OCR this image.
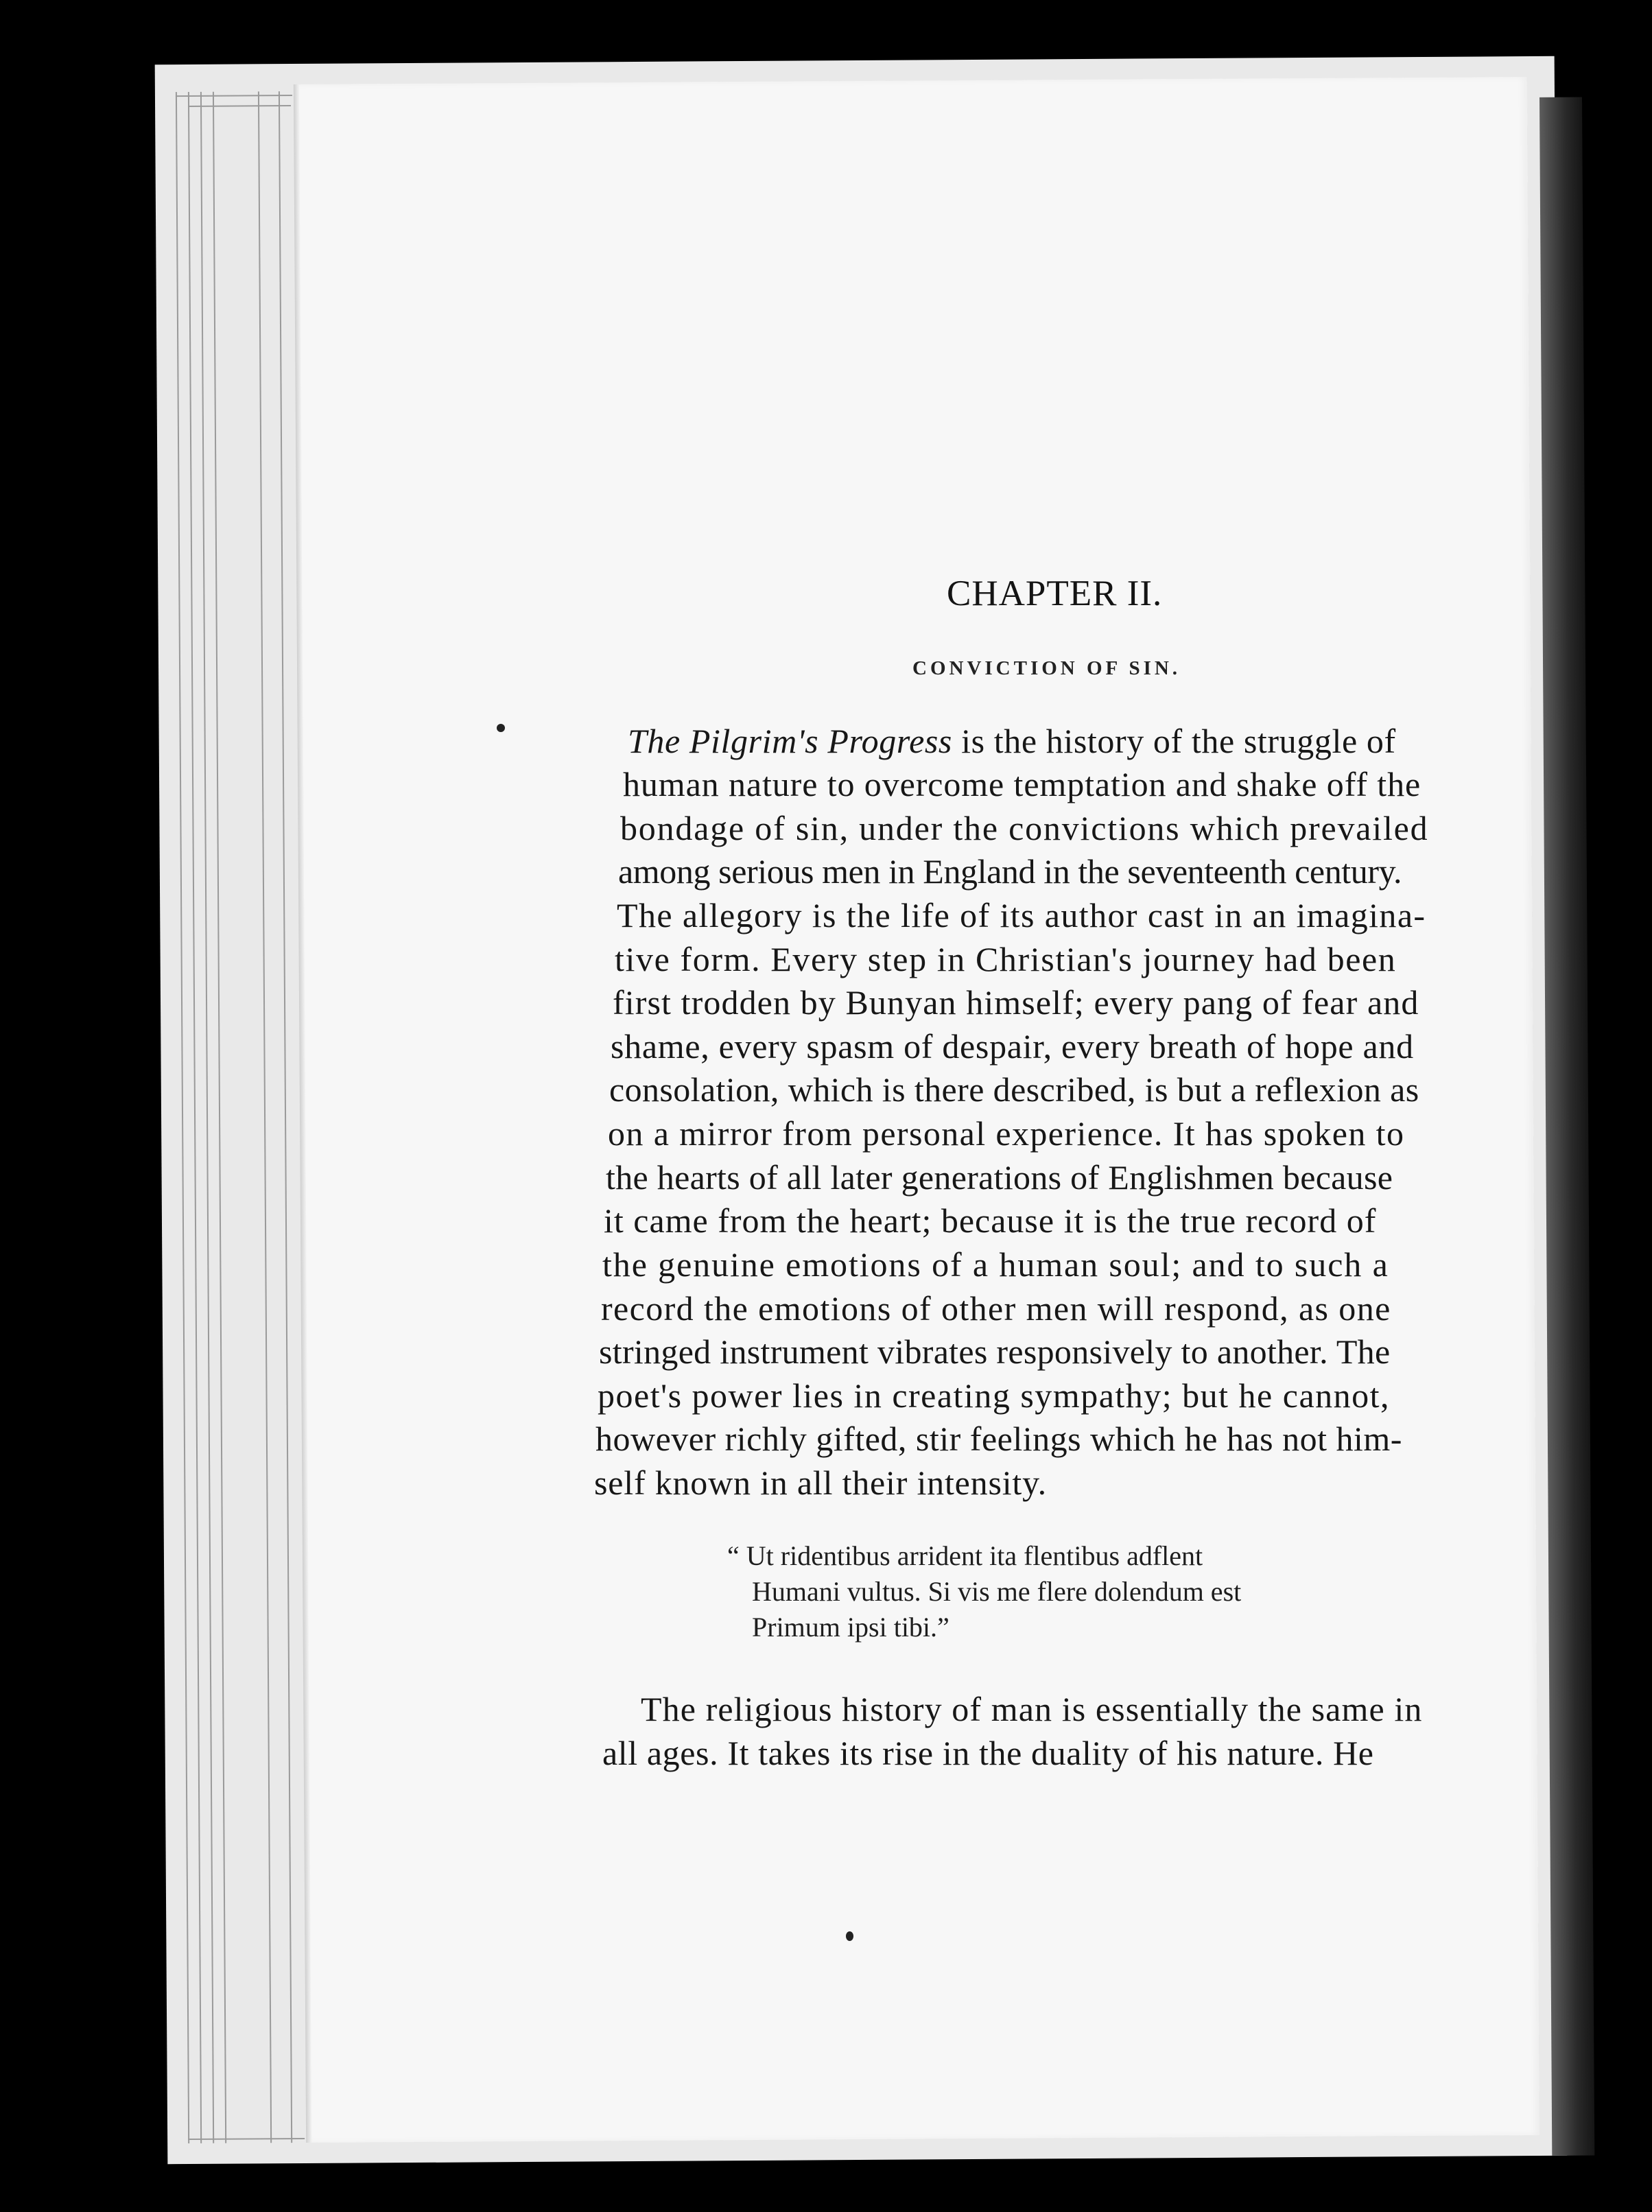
CHAPTER II.
CONVICTION OF SIN.
The Pilgrim's Progress is the history of the struggle of
human nature to overcome temptation and shake off the
bondage of sin, under the convictions which prevailed
among serious men in England in the seventeenth century.
The allegory is the life of its author cast in an imagina-
tive form. Every step in Christian's journey had been
first trodden by Bunyan himself; every pang of fear and
shame, every spasm of despair, every breath of hope and
consolation, which is there described, is but a reflexion as
on a mirror from personal experience. It has spoken to
the hearts of all later generations of Englishmen because
it came from the heart; because it is the true record of
the genuine emotions of a human soul; and to such a
record the emotions of other men will respond, as one
stringed instrument vibrates responsively to another. The
poet's power lies in creating sympathy; but he cannot,
however richly gifted, stir feelings which he has not him-
self known in all their intensity.
“ Ut ridentibus arrident ita flentibus adflent
Humani vultus. Si vis me flere dolendum est
Primum ipsi tibi.”
The religious history of man is essentially the same in
all ages. It takes its rise in the duality of his nature. He
